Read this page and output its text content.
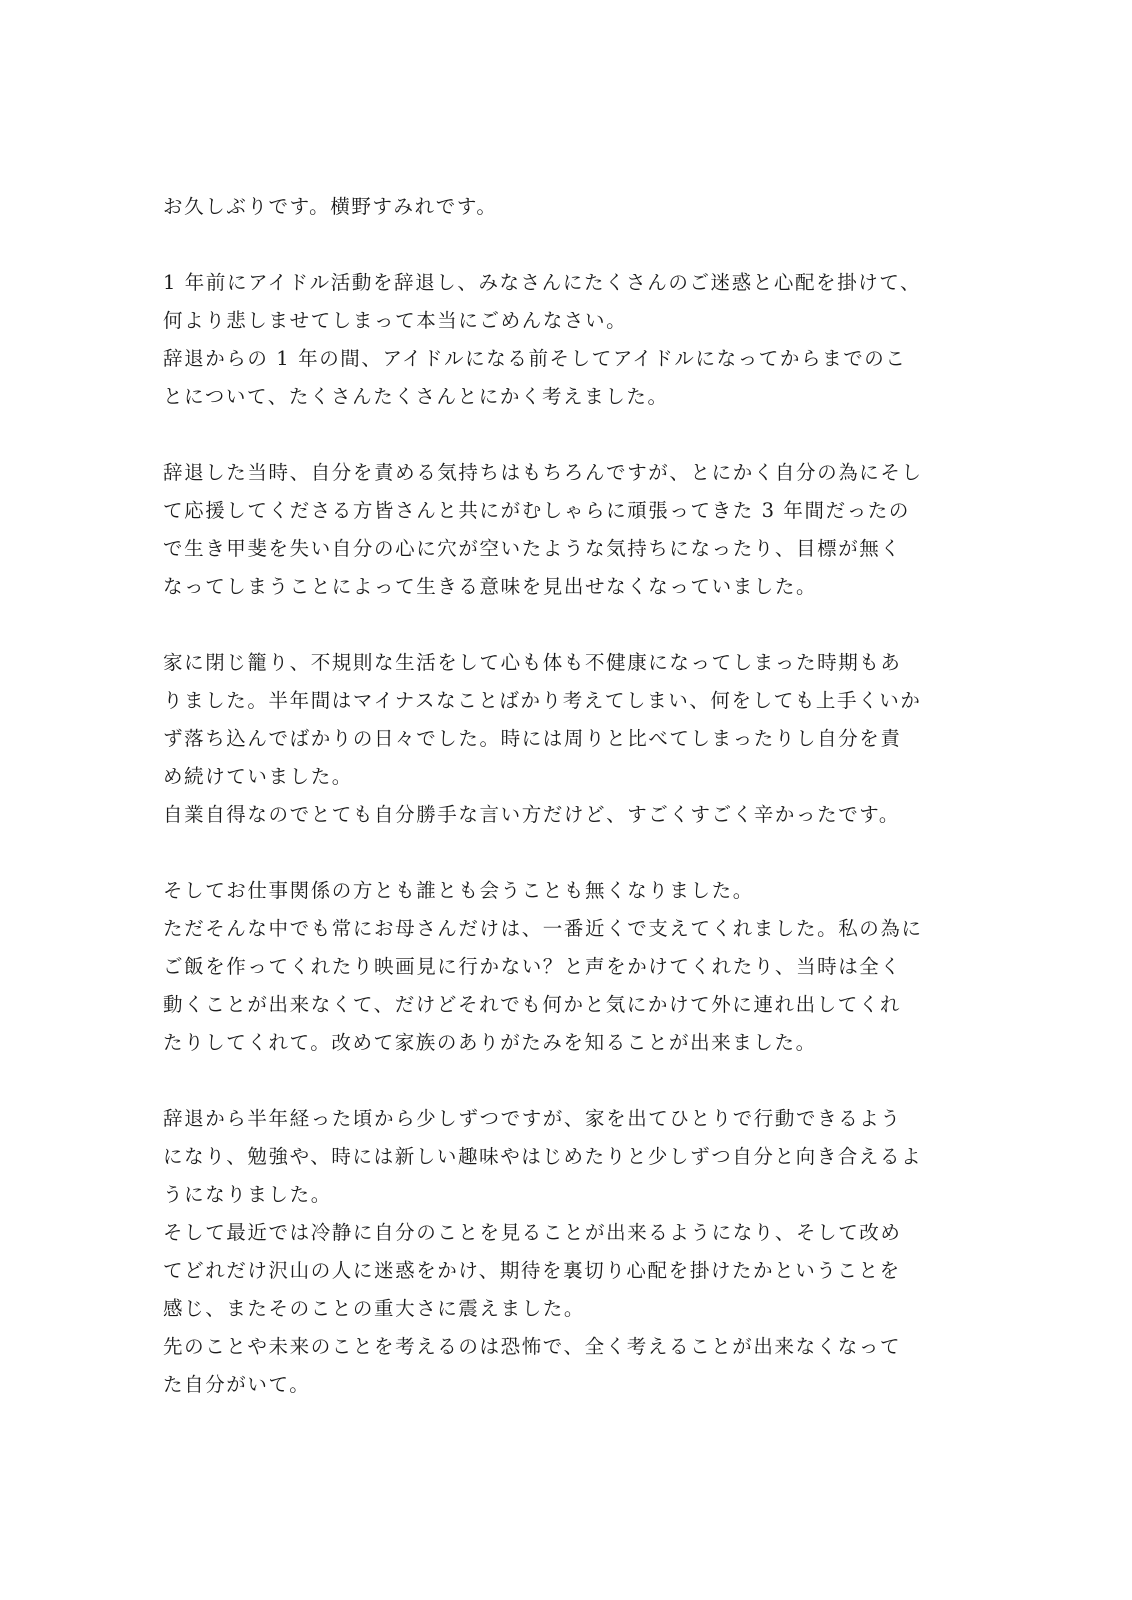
お久しぶりです。横野すみれです。
1 年前にアイドル活動を辞退し、みなさんにたくさんのご迷惑と心配を掛けて、
何より悲しませてしまって本当にごめんなさい。
辞退からの 1 年の間、アイドルになる前そしてアイドルになってからまでのこ
とについて、たくさんたくさんとにかく考えました。
辞退した当時、自分を責める気持ちはもちろんですが、とにかく自分の為にそし
て応援してくださる方皆さんと共にがむしゃらに頑張ってきた 3 年間だったの
で生き甲斐を失い自分の心に穴が空いたような気持ちになったり、目標が無く
なってしまうことによって生きる意味を見出せなくなっていました。
家に閉じ籠り、不規則な生活をして心も体も不健康になってしまった時期もあ
りました。半年間はマイナスなことばかり考えてしまい、何をしても上手くいか
ず落ち込んでばかりの日々でした。時には周りと比べてしまったりし自分を責
め続けていました。
自業自得なのでとても自分勝手な言い方だけど、すごくすごく辛かったです。
そしてお仕事関係の方とも誰とも会うことも無くなりました。
ただそんな中でも常にお母さんだけは、一番近くで支えてくれました。私の為に
ご飯を作ってくれたり映画見に行かない？と声をかけてくれたり、当時は全く
動くことが出来なくて、だけどそれでも何かと気にかけて外に連れ出してくれ
たりしてくれて。改めて家族のありがたみを知ることが出来ました。
辞退から半年経った頃から少しずつですが、家を出てひとりで行動できるよう
になり、勉強や、時には新しい趣味やはじめたりと少しずつ自分と向き合えるよ
うになりました。
そして最近では冷静に自分のことを見ることが出来るようになり、そして改め
てどれだけ沢山の人に迷惑をかけ、期待を裏切り心配を掛けたかということを
感じ、またそのことの重大さに震えました。
先のことや未来のことを考えるのは恐怖で、全く考えることが出来なくなって
た自分がいて。
